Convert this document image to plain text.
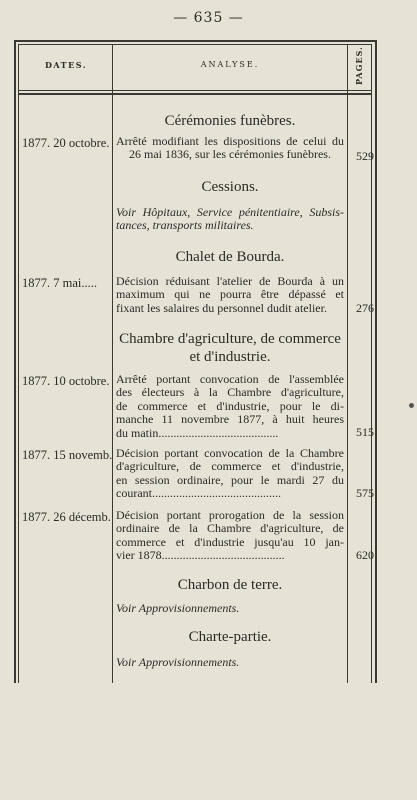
— 635 —
DATES.	ANALYSE.	PAGES.
Cérémonies funèbres.
1877. 20 octobre. Arrêté modifiant les dispositions de celui du
26 mai 1836, sur les cérémonies funèbres.	529
Cessions.
Voir Hôpitaux, Service pénitentiaire, Subsis-
tances, transports militaires.
Chalet de Bourda.
1877. 7 mai.....	Décision réduisant l'atelier de Bourda à un
maximum qui ne pourra être dépassé et
fixant les salaires du personnel dudit atelier.	276
Chambre d'agriculture, de commerce
et d'industrie.
1877. 10 octobre. Arrêté portant convocation de l'assemblée
des électeurs à la Chambre d'agriculture,
de commerce et d'industrie, pour le di-
manche 11 novembre 1877, à huit heures
du matin........................................	515
1877. 15 novemb. Décision portant convocation de la Chambre
d'agriculture, de commerce et d'industrie,
en session ordinaire, pour le mardi 27 du
courant...........................................	575
1877. 26 décemb. Décision portant prorogation de la session
ordinaire de la Chambre d'agriculture, de
commerce et d'industrie jusqu'au 10 jan-
vier 1878.........................................	620
Charbon de terre.
Voir Approvisionnements.
Charte-partie.
Voir Approvisionnements.
